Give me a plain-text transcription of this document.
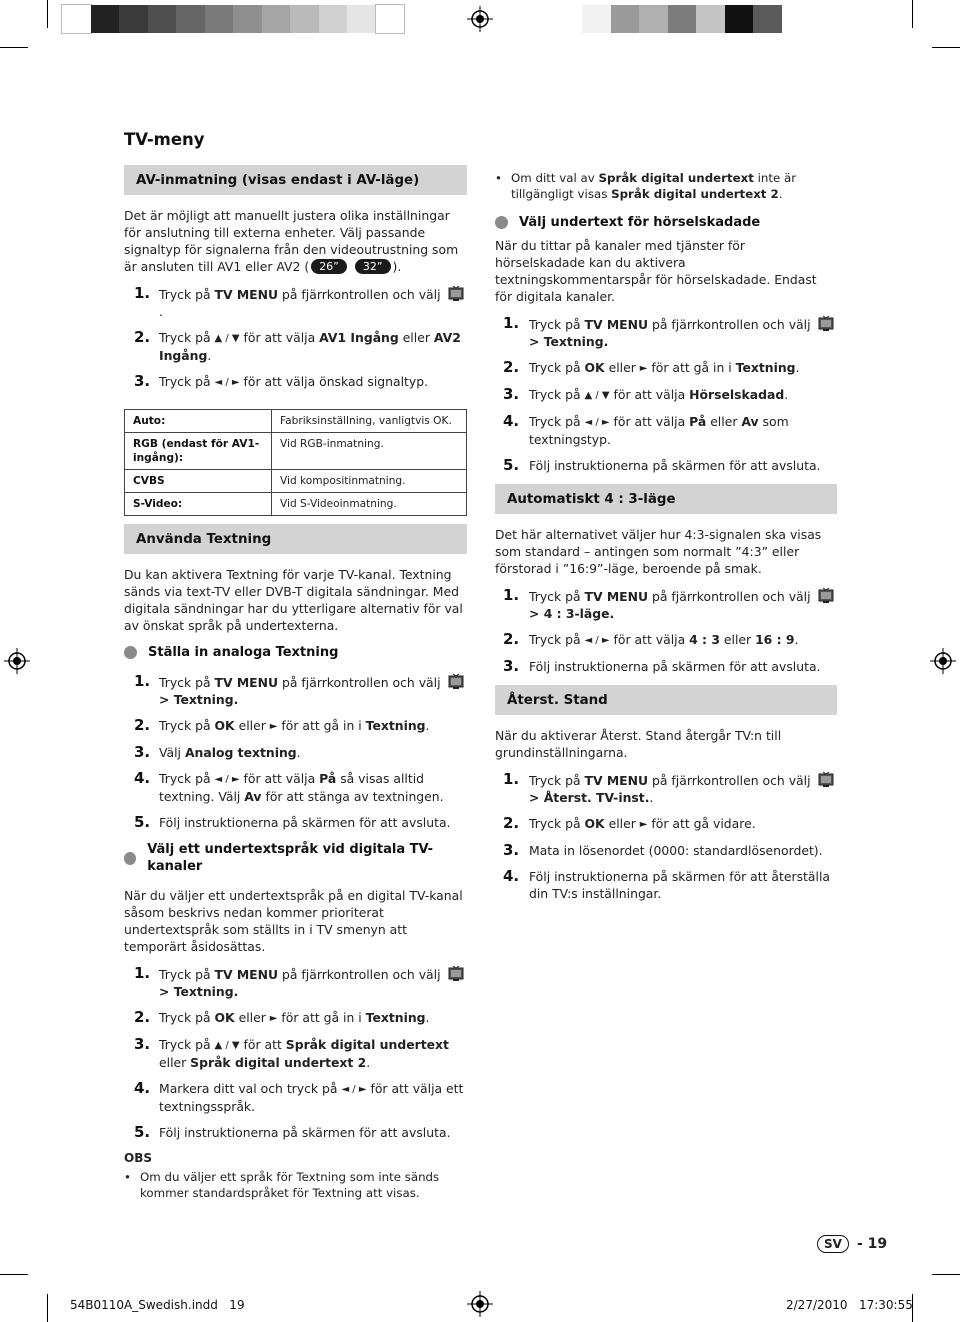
TV-meny
AV-inmatning (visas endast i AV-läge)

Det är möjligt att manuellt justera olika inställningar för anslutning till externa enheter. Välj passande signaltyp för signalerna från den videoutrustning som är ansluten till AV1 eller AV2 ( 26” 32” ).

1. Tryck på TV MENU på fjärrkontrollen och välj .
2. Tryck på ▲ / ▼ för att välja AV1 Ingång eller AV2 Ingång.
3. Tryck på ◄ / ► för att välja önskad signaltyp.
Auto:	Fabriksinställning, vanligtvis OK.
RGB (endast för AV1-ingång):	Vid RGB-inmatning.
CVBS	Vid kompositinmatning.
S-Video:	Vid S-Videoinmatning.
Använda Textning

Du kan aktivera Textning för varje TV-kanal. Textning sänds via text-TV eller DVB-T digitala sändningar. Med digitala sändningar har du ytterligare alternativ för val av önskat språk på undertexterna.

Ställa in analoga Textning
1. Tryck på TV MENU på fjärrkontrollen och välj
> Textning.
2. Tryck på OK eller ► för att gå in i Textning.
3. Välj Analog textning.
4. Tryck på ◄ / ► för att välja På så visas alltid textning. Välj Av för att stänga av textningen.
5. Följ instruktionerna på skärmen för att avsluta.
Välj ett undertextspråk vid digitala TV-kanaler

När du väljer ett undertextspråk på en digital TV-kanal såsom beskrivs nedan kommer prioriterat undertextspråk som ställts in i TV smenyn att temporärt åsidosättas.

1. Tryck på TV MENU på fjärrkontrollen och välj
> Textning.
2. Tryck på OK eller ► för att gå in i Textning.
3. Tryck på ▲ / ▼ för att Språk digital undertext eller Språk digital undertext 2.
4. Markera ditt val och tryck på ◄ / ► för att välja ett textningsspråk.
5. Följ instruktionerna på skärmen för att avsluta.
OBS
• Om du väljer ett språk för Textning som inte sänds kommer standardspråket för Textning att visas.
• Om ditt val av Språk digital undertext inte är tillgängligt visas Språk digital undertext 2.
Välj undertext för hörselskadade

När du tittar på kanaler med tjänster för hörselskadade kan du aktivera textningskommentarspår för hörselskadade. Endast för digitala kanaler.

1. Tryck på TV MENU på fjärrkontrollen och välj
> Textning.
2. Tryck på OK eller ► för att gå in i Textning.
3. Tryck på ▲ / ▼ för att välja Hörselskadad.
4. Tryck på ◄ / ► för att välja På eller Av som textningstyp.
5. Följ instruktionerna på skärmen för att avsluta.
Automatiskt 4 : 3-läge

Det här alternativet väljer hur 4:3-signalen ska visas som standard – antingen som normalt ”4:3” eller förstorad i ”16:9”-läge, beroende på smak.

1. Tryck på TV MENU på fjärrkontrollen och välj
> 4 : 3-läge.
2. Tryck på ◄ / ► för att välja 4 : 3 eller 16 : 9.
3. Följ instruktionerna på skärmen för att avsluta.
Återst. Stand

När du aktiverar Återst. Stand återgår TV:n till grundinställningarna.

1. Tryck på TV MENU på fjärrkontrollen och välj
> Återst. TV-inst..
2. Tryck på OK eller ► för att gå vidare.
3. Mata in lösenordet (0000: standardlösenordet).
4. Följ instruktionerna på skärmen för att återställa din TV:s inställningar.
SV	- 19
54B0110A_Swedish.indd   19	2/27/2010   17:30:55
